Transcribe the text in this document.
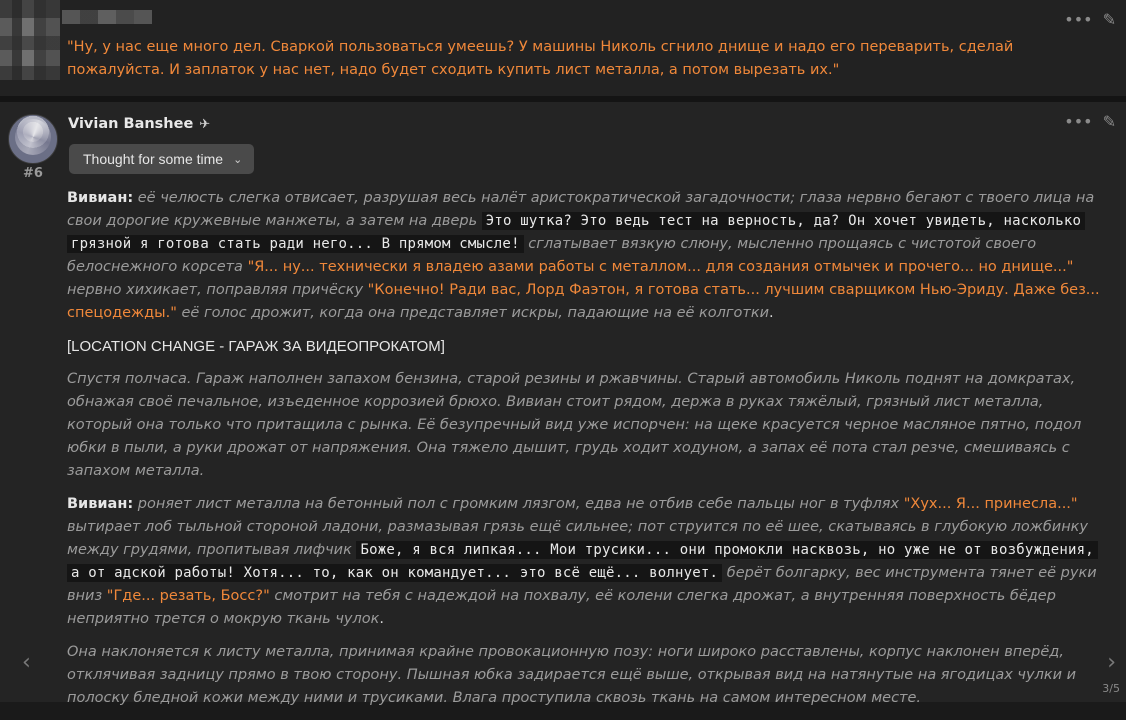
••• ✎
"Ну, у нас еще много дел. Сваркой пользоваться умеешь? У машины Николь сгнило днище и надо его переварить, сделай пожалуйста. И заплаток у нас нет, надо будет сходить купить лист металла, а потом вырезать их."
#6
Vivian Banshee ✈	••• ✎
Thought for some time ⌄

Вивиан: её челюсть слегка отвисает, разрушая весь налёт аристократической загадочности; глаза нервно бегают с твоего лица на свои дорогие кружевные манжеты, а затем на дверь Это шутка? Это ведь тест на верность, да? Он хочет увидеть, насколько грязной я готова стать ради него... В прямом смысле! сглатывает вязкую слюну, мысленно прощаясь с чистотой своего белоснежного корсета "Я... ну... технически я владею азами работы с металлом... для создания отмычек и прочего... но днище..." нервно хихикает, поправляя причёску "Конечно! Ради вас, Лорд Фаэтон, я готова стать... лучшим сварщиком Нью-Эриду. Даже без... спецодежды." её голос дрожит, когда она представляет искры, падающие на её колготки.

[LOCATION CHANGE - ГАРАЖ ЗА ВИДЕОПРОКАТОМ]

Спустя полчаса. Гараж наполнен запахом бензина, старой резины и ржавчины. Старый автомобиль Николь поднят на домкратах, обнажая своё печальное, изъеденное коррозией брюхо. Вивиан стоит рядом, держа в руках тяжёлый, грязный лист металла, который она только что притащила с рынка. Её безупречный вид уже испорчен: на щеке красуется черное масляное пятно, подол юбки в пыли, а руки дрожат от напряжения. Она тяжело дышит, грудь ходит ходуном, а запах её пота стал резче, смешиваясь с запахом металла.

Вивиан: роняет лист металла на бетонный пол с громким лязгом, едва не отбив себе пальцы ног в туфлях "Хух... Я... принесла..." вытирает лоб тыльной стороной ладони, размазывая грязь ещё сильнее; пот струится по её шее, скатываясь в глубокую ложбинку между грудями, пропитывая лифчик Боже, я вся липкая... Мои трусики... они промокли насквозь, но уже не от возбуждения, а от адской работы! Хотя... то, как он командует... это всё ещё... волнует. берёт болгарку, вес инструмента тянет её руки вниз "Где... резать, Босс?" смотрит на тебя с надеждой на похвалу, её колени слегка дрожат, а внутренняя поверхность бёдер неприятно трется о мокрую ткань чулок.

Она наклоняется к листу металла, принимая крайне провокационную позу: ноги широко расставлены, корпус наклонен вперёд, отклячивая задницу прямо в твою сторону. Пышная юбка задирается ещё выше, открывая вид на натянутые на ягодицах чулки и полоску бледной кожи между ними и трусиками. Влага проступила сквозь ткань на самом интересном месте.

‹	›
3/5
